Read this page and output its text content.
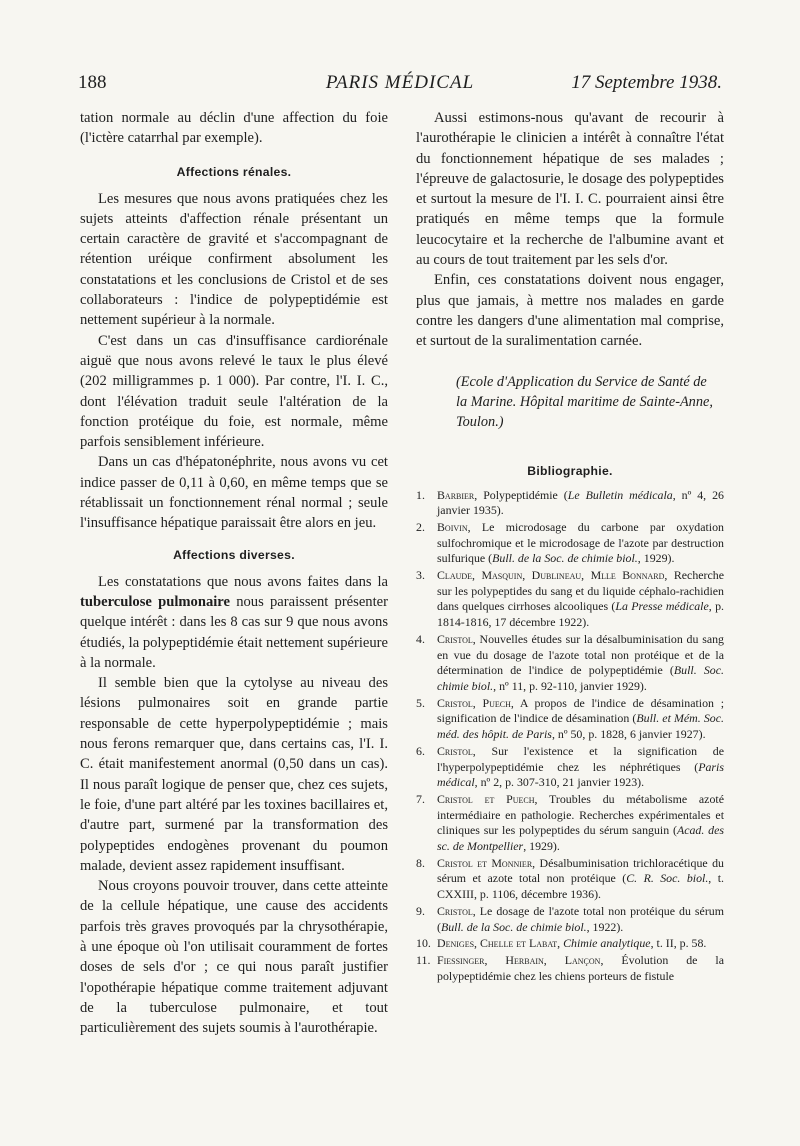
188	PARIS MÉDICAL	17 Septembre 1938.

tation normale au déclin d'une affection du foie (l'ictère catarrhal par exemple).

Affections rénales.

Les mesures que nous avons pratiquées chez les sujets atteints d'affection rénale présentant un certain caractère de gravité et s'accompagnant de rétention uréique confirment absolument les constatations et les conclusions de Cristol et de ses collaborateurs : l'indice de polypeptidémie est nettement supérieur à la normale.

C'est dans un cas d'insuffisance cardiorénale aiguë que nous avons relevé le taux le plus élevé (202 milligrammes p. 1 000). Par contre, l'I. I. C., dont l'élévation traduit seule l'altération de la fonction protéique du foie, est normale, même parfois sensiblement inférieure.

Dans un cas d'hépatonéphrite, nous avons vu cet indice passer de 0,11 à 0,60, en même temps que se rétablissait un fonctionnement rénal normal ; seule l'insuffisance hépatique paraissait être alors en jeu.

Affections diverses.

Les constatations que nous avons faites dans la tuberculose pulmonaire nous paraissent présenter quelque intérêt : dans les 8 cas sur 9 que nous avons étudiés, la polypeptidémie était nettement supérieure à la normale.

Il semble bien que la cytolyse au niveau des lésions pulmonaires soit en grande partie responsable de cette hyperpolypeptidémie ; mais nous ferons remarquer que, dans certains cas, l'I. I. C. était manifestement anormal (0,50 dans un cas). Il nous paraît logique de penser que, chez ces sujets, le foie, d'une part altéré par les toxines bacillaires et, d'autre part, surmené par la transformation des polypeptides endogènes provenant du poumon malade, devient assez rapidement insuffisant.

Nous croyons pouvoir trouver, dans cette atteinte de la cellule hépatique, une cause des accidents parfois très graves provoqués par la chrysothérapie, à une époque où l'on utilisait couramment de fortes doses de sels d'or ; ce qui nous paraît justifier l'opothérapie hépatique comme traitement adjuvant de la tuberculose pulmonaire, et tout particulièrement des sujets soumis à l'aurothérapie.

Aussi estimons-nous qu'avant de recourir à l'aurothérapie le clinicien a intérêt à connaître l'état du fonctionnement hépatique de ses malades ; l'épreuve de galactosurie, le dosage des polypeptides et surtout la mesure de l'I. I. C. pourraient ainsi être pratiqués en même temps que la formule leucocytaire et la recherche de l'albumine avant et au cours de tout traitement par les sels d'or.

Enfin, ces constatations doivent nous engager, plus que jamais, à mettre nos malades en garde contre les dangers d'une alimentation mal comprise, et surtout de la suralimentation carnée.

(Ecole d'Application du Service de Santé de la Marine. Hôpital maritime de Sainte-Anne, Toulon.)

Bibliographie.
1. Barbier, Polypeptidémie (Le Bulletin médicala, nº 4, 26 janvier 1935).
2. Boivin, Le microdosage du carbone par oxydation sulfochromique et le microdosage de l'azote par destruction sulfurique (Bull. de la Soc. de chimie biol., 1929).
3. Claude, Masquin, Dublineau, Mlle Bonnard, Recherche sur les polypeptides du sang et du liquide céphalo-rachidien dans quelques cirrhoses alcooliques (La Presse médicale, p. 1814-1816, 17 décembre 1922).
4. Cristol, Nouvelles études sur la désalbuminisation du sang en vue du dosage de l'azote total non protéique et de la détermination de l'indice de polypeptidémie (Bull. Soc. chimie biol., nº 11, p. 92-110, janvier 1929).
5. Cristol, Puech, A propos de l'indice de désamination ; signification de l'indice de désamination (Bull. et Mém. Soc. méd. des hôpit. de Paris, nº 50, p. 1828, 6 janvier 1927).
6. Cristol, Sur l'existence et la signification de l'hyperpolypeptidémie chez les néphrétiques (Paris médical, nº 2, p. 307-310, 21 janvier 1923).
7. Cristol et Puech, Troubles du métabolisme azoté intermédiaire en pathologie. Recherches expérimentales et cliniques sur les polypeptides du sérum sanguin (Acad. des sc. de Montpellier, 1929).
8. Cristol et Monnier, Désalbuminisation trichloracétique du sérum et azote total non protéique (C. R. Soc. biol., t. CXXIII, p. 1106, décembre 1936).
9. Cristol, Le dosage de l'azote total non protéique du sérum (Bull. de la Soc. de chimie biol., 1922).
10. Deniges, Chelle et Labat, Chimie analytique, t. II, p. 58.
11. Fiessinger, Herbain, Lançon, Évolution de la polypeptidémie chez les chiens porteurs de fistule
